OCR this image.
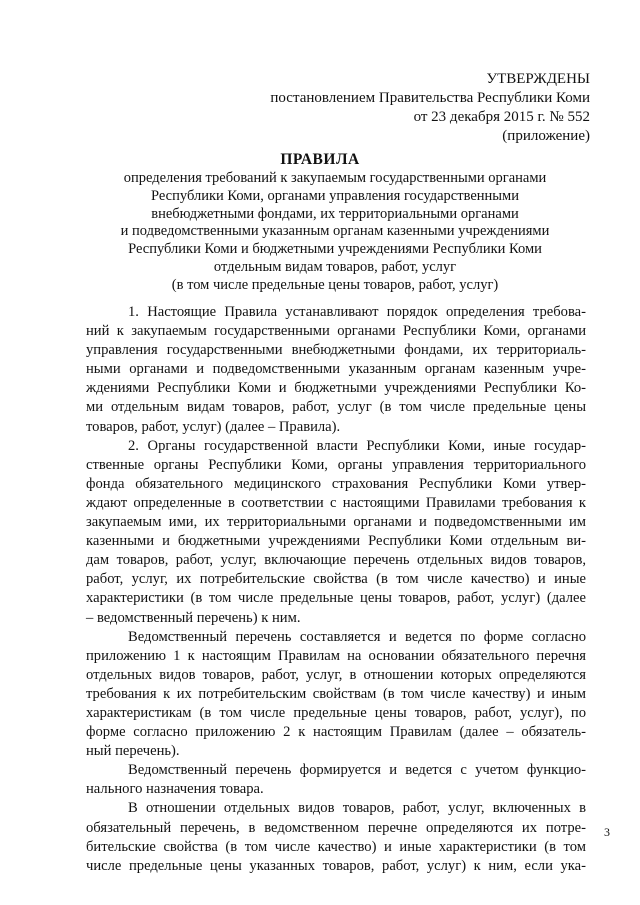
УТВЕРЖДЕНЫ
постановлением Правительства Республики Коми
от 23 декабря 2015 г. № 552
(приложение)
ПРАВИЛА
определения требований к закупаемым государственными органами
Республики Коми, органами управления государственными
внебюджетными фондами, их территориальными органами
и подведомственными указанным органам казенными учреждениями
Республики Коми и бюджетными учреждениями Республики Коми
отдельным видам товаров, работ, услуг
(в том числе предельные цены товаров, работ, услуг)
1. Настоящие Правила устанавливают порядок определения требова-
ний к закупаемым государственными органами Республики Коми, органами
управления государственными внебюджетными фондами, их территориаль-
ными органами и подведомственными указанным органам казенным учре-
ждениями Республики Коми и бюджетными учреждениями Республики Ко-
ми отдельным видам товаров, работ, услуг (в том числе предельные цены
товаров, работ, услуг) (далее – Правила).
2. Органы государственной власти Республики Коми, иные государ-
ственные органы Республики Коми, органы управления территориального
фонда обязательного медицинского страхования Республики Коми утвер-
ждают определенные в соответствии с настоящими Правилами требования к
закупаемым ими, их территориальными органами и подведомственными им
казенными и бюджетными учреждениями Республики Коми отдельным ви-
дам товаров, работ, услуг, включающие перечень отдельных видов товаров,
работ, услуг, их потребительские свойства (в том числе качество) и иные
характеристики (в том числе предельные цены товаров, работ, услуг) (далее
– ведомственный перечень) к ним.
Ведомственный перечень составляется и ведется по форме согласно
приложению 1 к настоящим Правилам на основании обязательного перечня
отдельных видов товаров, работ, услуг, в отношении которых определяются
требования к их потребительским свойствам (в том числе качеству) и иным
характеристикам (в том числе предельные цены товаров, работ, услуг), по
форме согласно приложению 2 к настоящим Правилам (далее – обязатель-
ный перечень).
Ведомственный перечень формируется и ведется с учетом функцио-
нального назначения товара.
В отношении отдельных видов товаров, работ, услуг, включенных в
обязательный перечень, в ведомственном перечне определяются их потре-
бительские свойства (в том числе качество) и иные характеристики (в том
числе предельные цены указанных товаров, работ, услуг) к ним, если ука-
3
